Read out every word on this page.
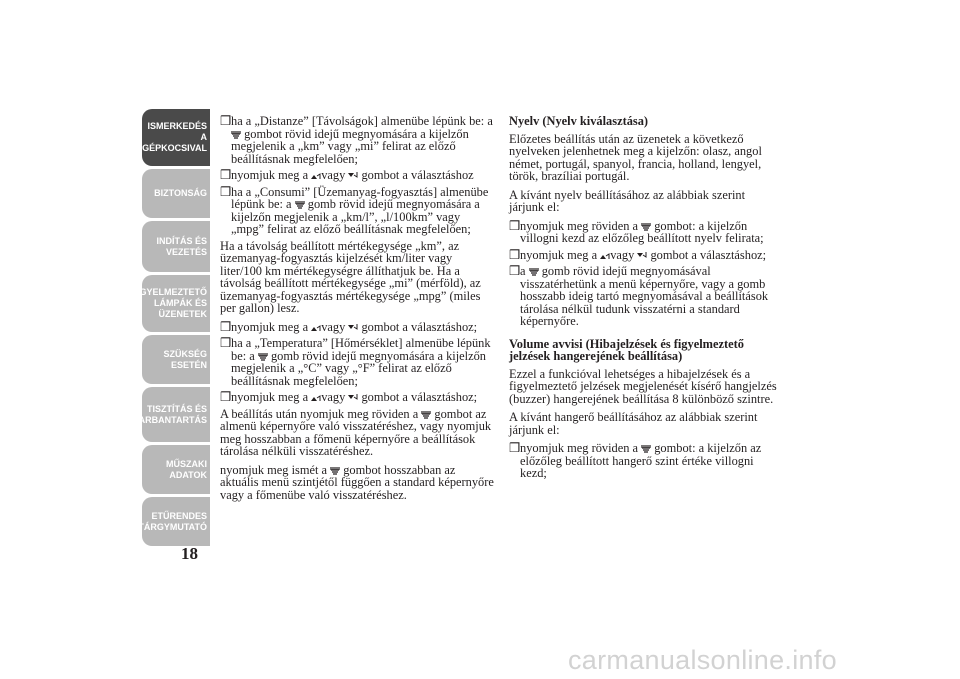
ISMERKEDÉS A
GÉPKOCSIVAL
BIZTONSÁG
INDÍTÁS ÉS
VEZETÉS
FIGYELMEZTETŐ
LÁMPÁK ÉS
ÜZENETEK
SZÜKSÉG ESETÉN
TISZTÍTÁS ÉS
KARBANTARTÁS
MŰSZAKI ADATOK
ETŰRENDES
TÁRGYMUTATÓ
18
❒ ha a „Distanze” [Távolságok] almenübe lépünk be: a  gombot rövid idejű megnyomására a kijelzőn megjelenik a „km” vagy „mi” felirat az előző beállításnak megfelelően;
❒ nyomjuk meg a vagy  gombot a választáshoz
❒ ha a „Consumi” [Üzemanyag-fogyasztás] almenübe lépünk be: a  gomb rövid idejű megnyomására a kijelzőn megjelenik a „km/l”, „l/100km” vagy „mpg” felirat az előző beállításnak megfelelően;

Ha a távolság beállított mértékegysége „km”, az üzemanyag-fogyasztás kijelzését km/liter vagy liter/100 km mértékegységre állíthatjuk be. Ha a távolság beállított mértékegysége „mi” (mérföld), az üzemanyag-fogyasztás mértékegysége „mpg” (miles per gallon) lesz.

❒ nyomjuk meg a vagy  gombot a választáshoz;
❒ ha a „Temperatura” [Hőmérséklet] almenübe lépünk be: a  gomb rövid idejű megnyomására a kijelzőn megjelenik a „°C” vagy „°F” felirat az előző beállításnak megfelelően;
❒ nyomjuk meg a vagy  gombot a választáshoz;

A beállítás után nyomjuk meg röviden a  gombot az almenü képernyőre való visszatéréshez, vagy nyomjuk meg hosszabban a főmenü képernyőre a beállítások tárolása nélküli visszatéréshez.

nyomjuk meg ismét a  gombot hosszabban az aktuális menü szintjétől függően a standard képernyőre vagy a főmenübe való visszatéréshez.

Nyelv (Nyelv kiválasztása)

Előzetes beállítás után az üzenetek a következő nyelveken jelenhetnek meg a kijelzőn: olasz, angol német, portugál, spanyol, francia, holland, lengyel, török, brazíliai portugál.

A kívánt nyelv beállításához az alábbiak szerint járjunk el:

❒ nyomjuk meg röviden a  gombot: a kijelzőn villogni kezd az előzőleg beállított nyelv felirata;
❒ nyomjuk meg a vagy  gombot a választáshoz;
❒ a  gomb rövid idejű megnyomásával visszatérhetünk a menü képernyőre, vagy a gomb hosszabb ideig tartó megnyomásával a beállítások tárolása nélkül tudunk visszatérni a standard képernyőre.

Volume avvisi (Hibajelzések és figyelmeztető jelzések hangerejének beállítása)

Ezzel a funkcióval lehetséges a hibajelzések és a figyelmeztető jelzések megjelenését kísérő hangjelzés (buzzer) hangerejének beállítása 8 különböző szintre.

A kívánt hangerő beállításához az alábbiak szerint járjunk el:

❒ nyomjuk meg röviden a  gombot: a kijelzőn az előzőleg beállított hangerő szint értéke villogni kezd;
carmanualsonline.info
